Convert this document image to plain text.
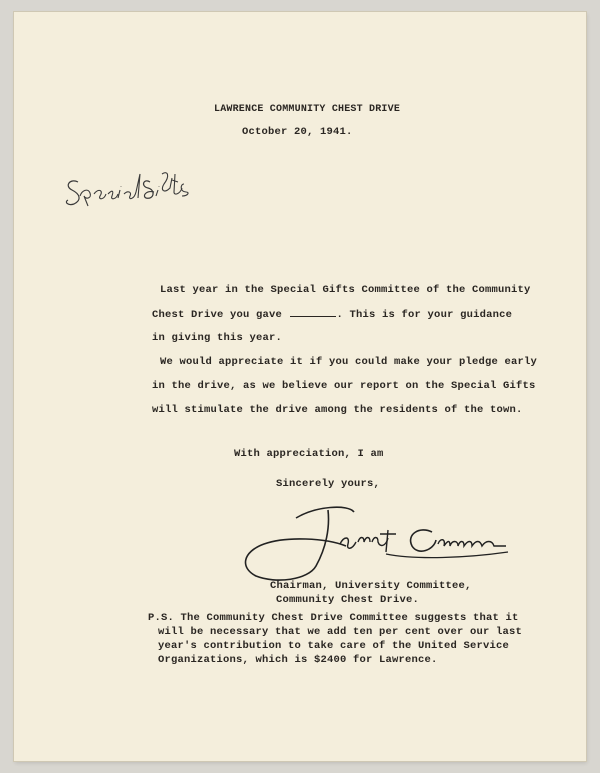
LAWRENCE COMMUNITY CHEST DRIVE
October 20, 1941.
Last year in the Special Gifts Committee of the Community
Chest Drive you gave	. This is for your guidance
in giving this year.
We would appreciate it if you could make your pledge early
in the drive, as we believe our report on the Special Gifts
will stimulate the drive among the residents of the town.
With appreciation, I am
Sincerely yours,
Chairman, University Committee,
Community Chest Drive.
P.S. The Community Chest Drive Committee suggests that it
will be necessary that we add ten per cent over our last
year's contribution to take care of the United Service
Organizations, which is $2400 for Lawrence.
